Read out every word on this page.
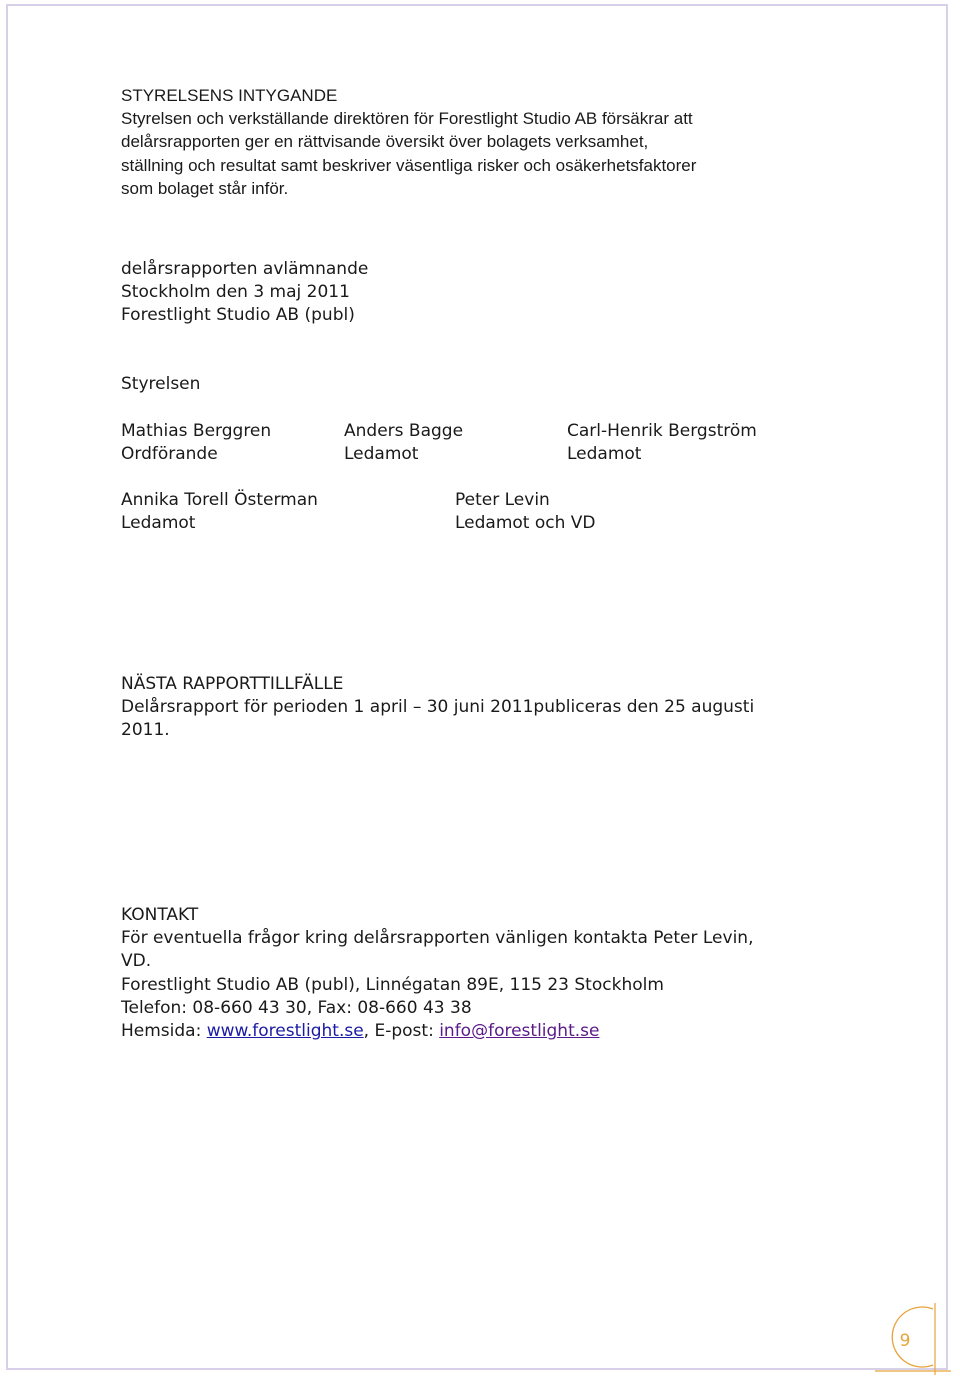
STYRELSENS INTYGANDE
Styrelsen och verkställande direktören för Forestlight Studio AB försäkrar att
delårsrapporten ger en rättvisande översikt över bolagets verksamhet,
ställning och resultat samt beskriver väsentliga risker och osäkerhetsfaktorer
som bolaget står inför.
delårsrapporten avlämnande
Stockholm den 3 maj 2011
Forestlight Studio AB (publ)
Styrelsen
Mathias Berggren
Ordförande
Anders Bagge
Ledamot
Carl-Henrik Bergström
Ledamot
Annika Torell Österman
Ledamot
Peter Levin
Ledamot och VD
NÄSTA RAPPORTTILLFÄLLE
Delårsrapport för perioden 1 april – 30 juni 2011publiceras den 25 augusti
2011.
KONTAKT
För eventuella frågor kring delårsrapporten vänligen kontakta Peter Levin,
VD.
Forestlight Studio AB (publ), Linnégatan 89E, 115 23 Stockholm
Telefon: 08-660 43 30, Fax: 08-660 43 38
Hemsida: www.forestlight.se, E-post: info@forestlight.se
9
